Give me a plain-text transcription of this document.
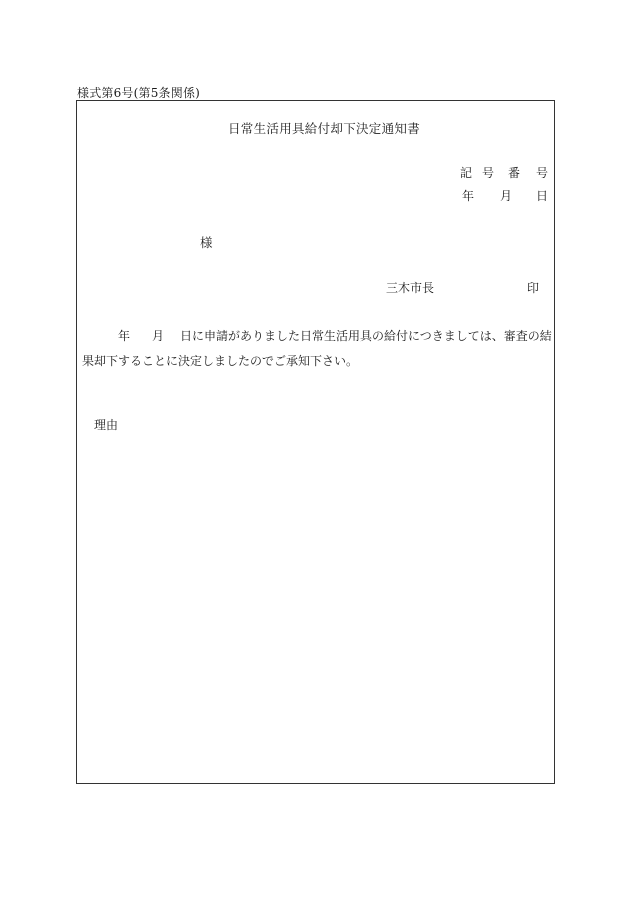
様式第6号(第5条関係)
日常生活用具給付却下決定通知書
記 号	番	号
年	月	日
様
三木市長	印
年 月 日に申請がありました日常生活用具の給付につきましては、審査の結
果却下することに決定しましたのでご承知下さい。
理由
